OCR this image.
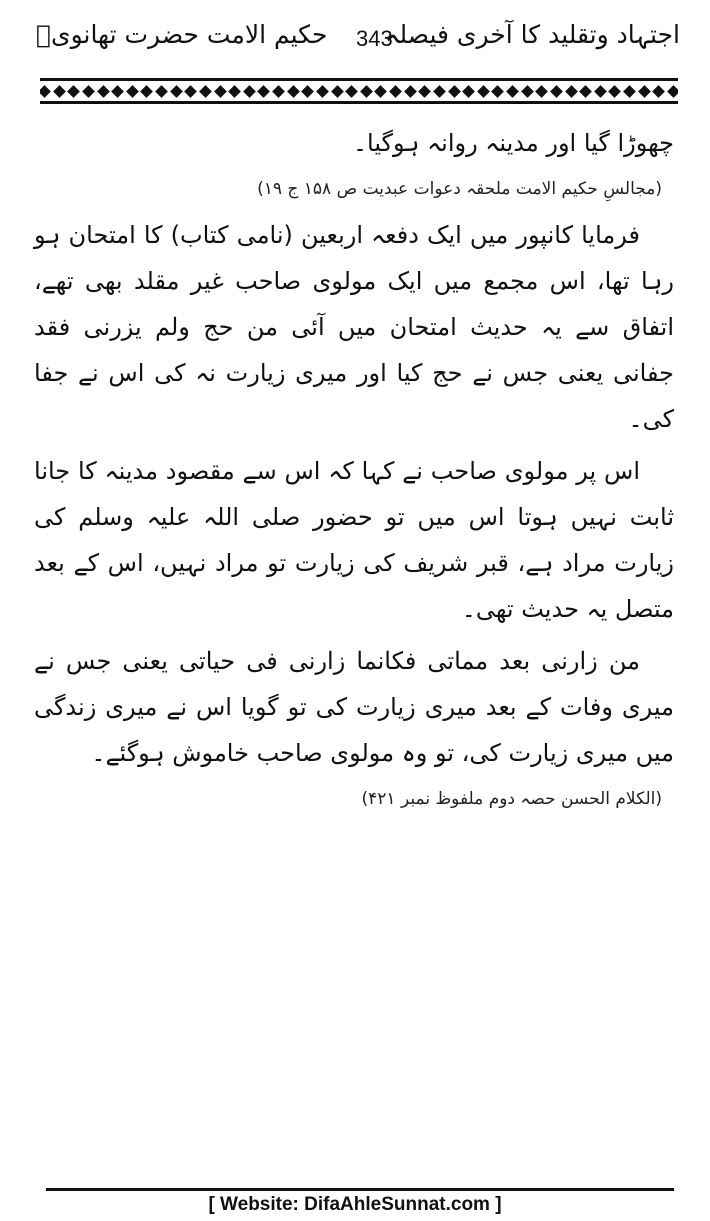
حکیم الامت حضرت تھانویؒ 343
اجتہاد وتقلید کا آخری فیصلہ

چھوڑا گیا اور مدینہ روانہ ہوگیا۔

(مجالسِ حکیم الامت ملحقہ دعوات عبدیت ص ۱۵۸ ج ۱۹)

فرمایا کانپور میں ایک دفعہ اربعین (نامی کتاب) کا امتحان ہو رہا تھا، اس مجمع میں ایک مولوی صاحب غیر مقلد بھی تھے، اتفاق سے یہ حدیث امتحان میں آئی من حج ولم یزرنی فقد جفانی یعنی جس نے حج کیا اور میری زیارت نہ کی اس نے جفا کی۔

اس پر مولوی صاحب نے کہا کہ اس سے مقصود مدینہ کا جانا ثابت نہیں ہوتا اس میں تو حضور صلی اللہ علیہ وسلم کی زیارت مراد ہے، قبر شریف کی زیارت تو مراد نہیں، اس کے بعد متصل یہ حدیث تھی۔

من زارنی بعد مماتی فکانما زارنی فی حیاتی یعنی جس نے میری وفات کے بعد میری زیارت کی تو گویا اس نے میری زندگی میں میری زیارت کی، تو وہ مولوی صاحب خاموش ہوگئے۔

(الکلام الحسن حصہ دوم ملفوظ نمبر ۴۲۱)

[ Website: DifaAhleSunnat.com ]
